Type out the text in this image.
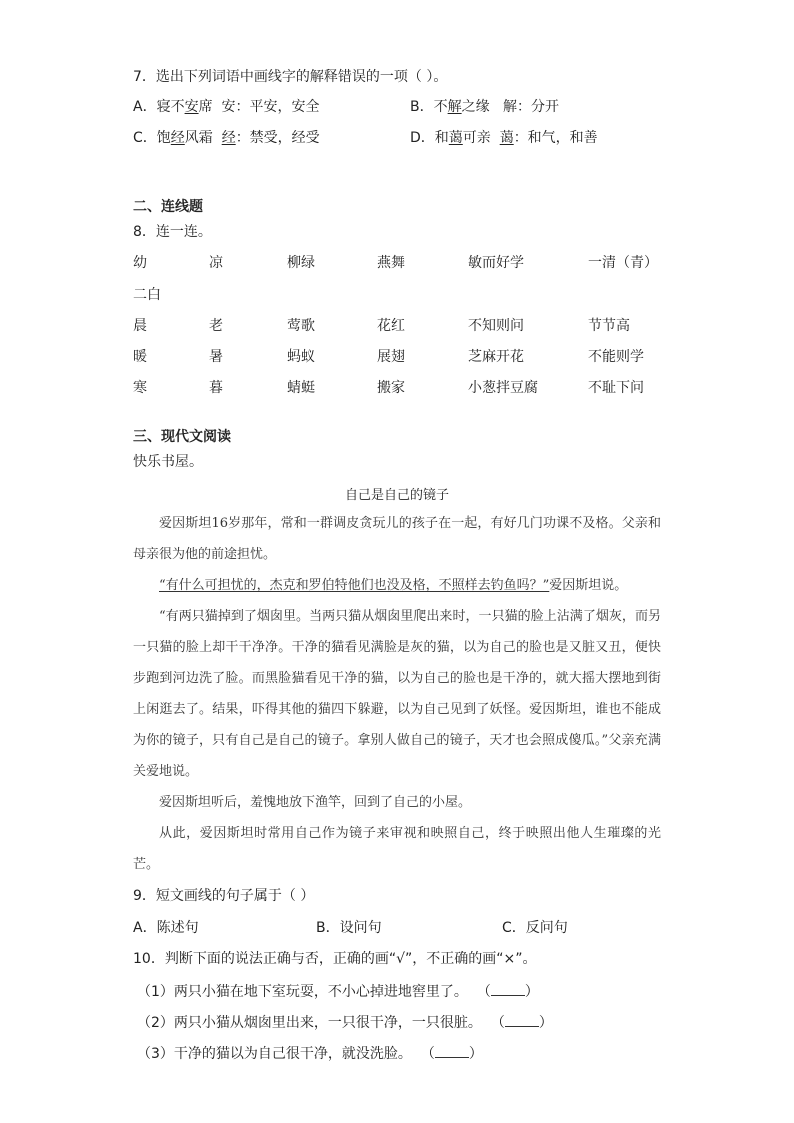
7．选出下列词语中画线字的解释错误的一项（ ）。
A．寝不安席 安：平安，安全	B．不解之缘 解：分开
C．饱经风霜 经：禁受，经受	D．和蔼可亲 蔼：和气，和善
二、连线题
8．连一连。
幼	凉	柳绿	燕舞	敏而好学	一清（青）
二白
晨	老	莺歌	花红	不知则问	节节高
暖	暑	蚂蚁	展翅	芝麻开花	不能则学
寒	暮	蜻蜓	搬家	小葱拌豆腐	不耻下问
三、现代文阅读
快乐书屋。
自己是自己的镜子
爱因斯坦16岁那年，常和一群调皮贪玩儿的孩子在一起，有好几门功课不及格。父亲和母亲很为他的前途担忧。
“有什么可担忧的，杰克和罗伯特他们也没及格，不照样去钓鱼吗？”爱因斯坦说。
“有两只猫掉到了烟囱里。当两只猫从烟囱里爬出来时，一只猫的脸上沾满了烟灰，而另一只猫的脸上却干干净净。干净的猫看见满脸是灰的猫，以为自己的脸也是又脏又丑，便快步跑到河边洗了脸。而黑脸猫看见干净的猫，以为自己的脸也是干净的，就大摇大摆地到街上闲逛去了。结果，吓得其他的猫四下躲避，以为自己见到了妖怪。爱因斯坦，谁也不能成为你的镜子，只有自己是自己的镜子。拿别人做自己的镜子，天才也会照成傻瓜。”父亲充满关爱地说。
爱因斯坦听后，羞愧地放下渔竿，回到了自己的小屋。
从此，爱因斯坦时常用自己作为镜子来审视和映照自己，终于映照出他人生璀璨的光芒。
9．短文画线的句子属于（ ）
A．陈述句	B．设问句	C．反问句
10．判断下面的说法正确与否，正确的画“√”，不正确的画“×”。
（1）两只小猫在地下室玩耍，不小心掉进地窖里了。 （ ）
（2）两只小猫从烟囱里出来，一只很干净，一只很脏。 （ ）
（3）干净的猫以为自己很干净，就没洗脸。 （ ）
